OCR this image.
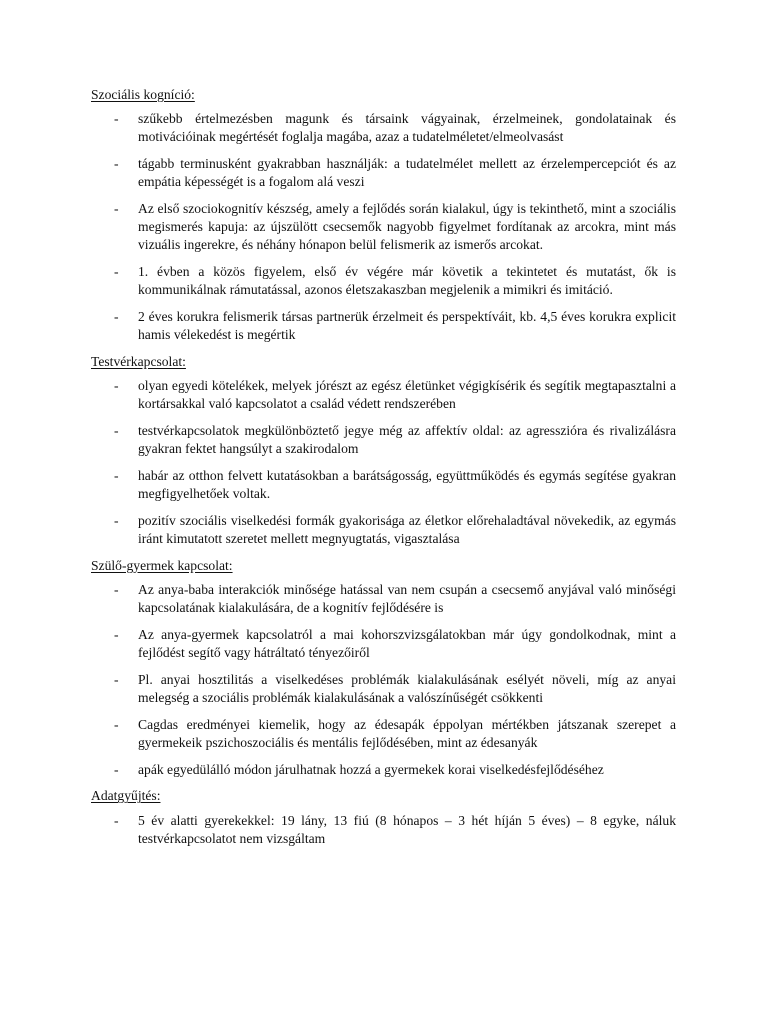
Szociális kogníció:
- szűkebb értelmezésben magunk és társaink vágyainak, érzelmeinek, gondolatainak és motivációinak megértését foglalja magába, azaz a tudatelméletet/elmeolvasást
- tágabb terminusként gyakrabban használják: a tudatelmélet mellett az érzelempercepciót és az empátia képességét is a fogalom alá veszi
- Az első szociokognitív készség, amely a fejlődés során kialakul, úgy is tekinthető, mint a szociális megismerés kapuja: az újszülött csecsemők nagyobb figyelmet fordítanak az arcokra, mint más vizuális ingerekre, és néhány hónapon belül felismerik az ismerős arcokat.
- 1. évben a közös figyelem, első év végére már követik a tekintetet és mutatást, ők is kommunikálnak rámutatással, azonos életszakaszban megjelenik a mimikri és imitáció.
- 2 éves korukra felismerik társas partnerük érzelmeit és perspektíváit, kb. 4,5 éves korukra explicit hamis vélekedést is megértik
Testvérkapcsolat:
- olyan egyedi kötelékek, melyek jórészt az egész életünket végigkísérik és segítik megtapasztalni a kortársakkal való kapcsolatot a család védett rendszerében
- testvérkapcsolatok megkülönböztető jegye még az affektív oldal: az agresszióra és rivalizálásra gyakran fektet hangsúlyt a szakirodalom
- habár az otthon felvett kutatásokban a barátságosság, együttműködés és egymás segítése gyakran megfigyelhetőek voltak.
- pozitív szociális viselkedési formák gyakorisága az életkor előrehaladtával növekedik, az egymás iránt kimutatott szeretet mellett megnyugtatás, vigasztalása
Szülő-gyermek kapcsolat:
- Az anya-baba interakciók minősége hatással van nem csupán a csecsemő anyjával való minőségi kapcsolatának kialakulására, de a kognitív fejlődésére is
- Az anya-gyermek kapcsolatról a mai kohorszvizsgálatokban már úgy gondolkodnak, mint a fejlődést segítő vagy hátráltató tényezőiről
- Pl. anyai hosztilitás a viselkedéses problémák kialakulásának esélyét növeli, míg az anyai melegség a szociális problémák kialakulásának a valószínűségét csökkenti
- Cagdas eredményei kiemelik, hogy az édesapák éppolyan mértékben játszanak szerepet a gyermekeik pszichoszociális és mentális fejlődésében, mint az édesanyák
- apák egyedülálló módon járulhatnak hozzá a gyermekek korai viselkedésfejlődéséhez
Adatgyűjtés:
- 5 év alatti gyerekekkel: 19 lány, 13 fiú (8 hónapos – 3 hét híján 5 éves) – 8 egyke, náluk testvérkapcsolatot nem vizsgáltam
